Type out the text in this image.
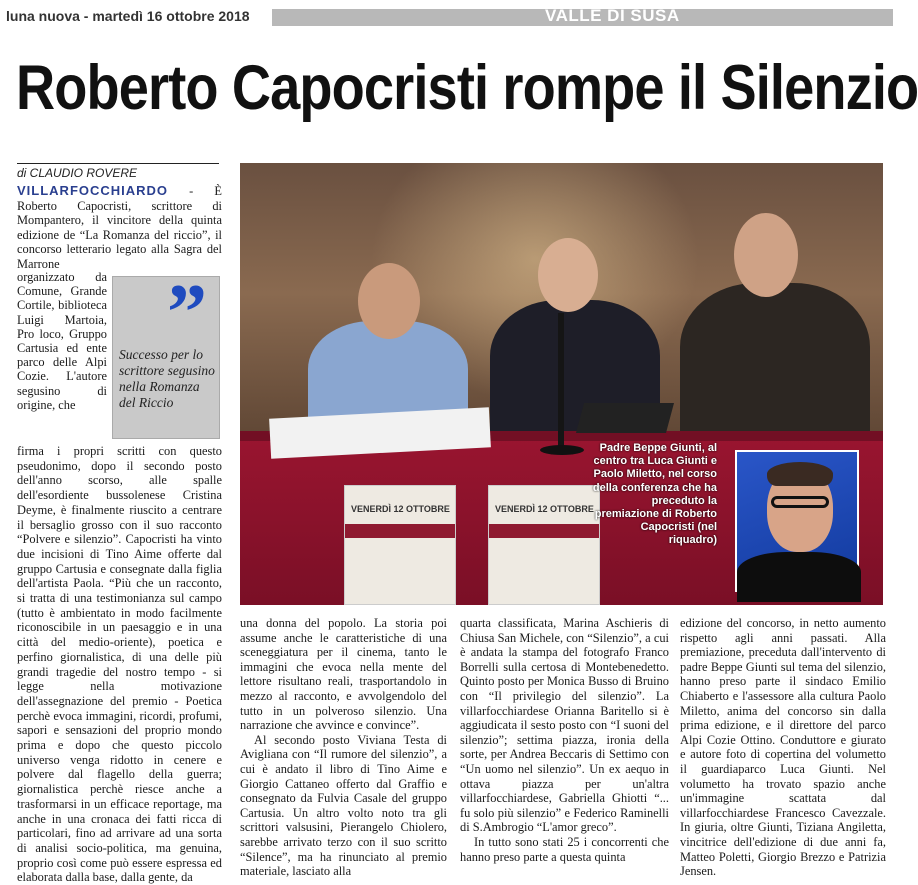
luna nuova - martedì 16 ottobre 2018	VALLE DI SUSA
Roberto Capocristi rompe il Silenzio
di CLAUDIO ROVERE

VILLARFOCCHIARDO - È Roberto Capocristi, scrittore di Mompantero, il vincitore della quinta edizione de “La Romanza del riccio”, il concorso letterario legato alla Sagra del Marrone

organizzato da Comune, Grande Cortile, biblioteca Luigi Martoia, Pro loco, Gruppo Cartusia ed ente parco delle Alpi Cozie. L'autore segusino di origine, che

”
Successo per lo scrittore segusino nella Romanza del Riccio

firma i propri scritti con questo pseudonimo, dopo il secondo posto dell'anno scorso, alle spalle dell'esordiente bussolenese Cristina Deyme, è finalmente riuscito a centrare il bersaglio grosso con il suo racconto “Polvere e silenzio”. Capocristi ha vinto due incisioni di Tino Aime offerte dal gruppo Cartusia e consegnate dalla figlia dell'artista Paola. “Più che un racconto, si tratta di una testimonianza sul campo (tutto è ambientato in modo facilmente riconoscibile in un paesaggio e in una città del medio-oriente), poetica e perfino giornalistica, di una delle più grandi tragedie del nostro tempo - si legge nella motivazione dell'assegnazione del premio - Poetica perchè evoca immagini, ricordi, profumi, sapori e sensazioni del proprio mondo prima e dopo che questo piccolo universo venga ridotto in cenere e polvere dal flagello della guerra; giornalistica perchè riesce anche a trasformarsi in un efficace reportage, ma anche in una cronaca dei fatti ricca di particolari, fino ad arrivare ad una sorta di analisi socio-politica, ma genuina, proprio così come può essere espressa ed elaborata dalla base, dalla gente, da

VENERDÌ 12 OTTOBRE	VENERDÌ 12 OTTOBRE
Padre Beppe Giunti, al centro tra Luca Giunti e Paolo Miletto, nel corso della conferenza che ha preceduto la premiazione di Roberto Capocristi (nel riquadro)

una donna del popolo. La storia poi assume anche le caratteristiche di una sceneggiatura per il cinema, tanto le immagini che evoca nella mente del lettore risultano reali, trasportandolo in mezzo al racconto, e avvolgendolo del tutto in un polveroso silenzio. Una narrazione che avvince e convince”.

Al secondo posto Viviana Testa di Avigliana con “Il rumore del silenzio”, a cui è andato il libro di Tino Aime e Giorgio Cattaneo offerto dal Graffio e consegnato da Fulvia Casale del gruppo Cartusia. Un altro volto noto tra gli scrittori valsusini, Pierangelo Chiolero, sarebbe arrivato terzo con il suo scritto “Silence”, ma ha rinunciato al premio materiale, lasciato alla

quarta classificata, Marina Aschieris di Chiusa San Michele, con “Silenzio”, a cui è andata la stampa del fotografo Franco Borrelli sulla certosa di Montebenedetto. Quinto posto per Monica Busso di Bruino con “Il privilegio del silenzio”. La villarfocchiardese Orianna Baritello si è aggiudicata il sesto posto con “I suoni del silenzio”; settima piazza, ironia della sorte, per Andrea Beccaris di Settimo con “Un uomo nel silenzio”. Un ex aequo in ottava piazza per un'altra villarfocchiardese, Gabriella Ghiotti “... fu solo più silenzio” e Federico Raminelli di S.Ambrogio “L'amor greco”.

In tutto sono stati 25 i concorrenti che hanno preso parte a questa quinta

edizione del concorso, in netto aumento rispetto agli anni passati. Alla premiazione, preceduta dall'intervento di padre Beppe Giunti sul tema del silenzio, hanno preso parte il sindaco Emilio Chiaberto e l'assessore alla cultura Paolo Miletto, anima del concorso sin dalla prima edizione, e il direttore del parco Alpi Cozie Ottino. Conduttore e giurato e autore foto di copertina del volumetto il guardiaparco Luca Giunti. Nel volumetto ha trovato spazio anche un'immagine scattata dal villarfocchiardese Francesco Cavezzale. In giuria, oltre Giunti, Tiziana Angiletta, vincitrice dell'edizione di due anni fa, Matteo Poletti, Giorgio Brezzo e Patrizia Jensen.
